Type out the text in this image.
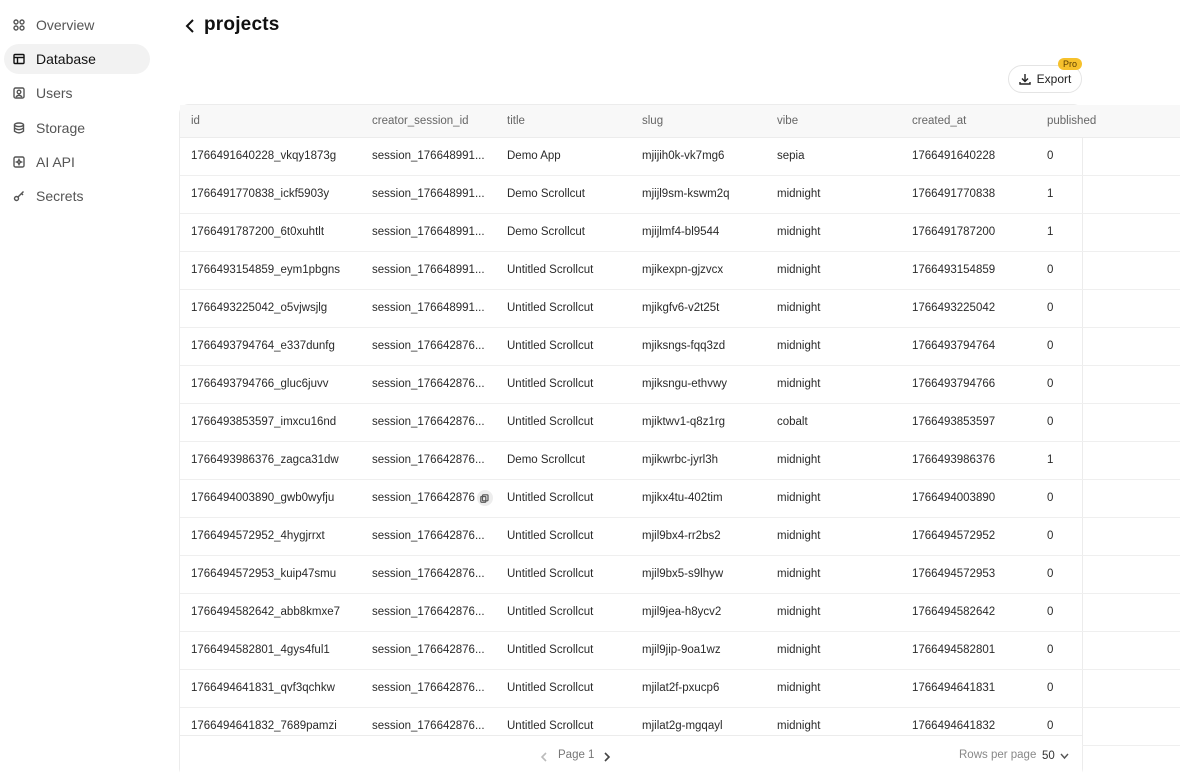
Overview
Database
Users
Storage
AI API
Secrets
projects
Export
Pro
id	creator_session_id	title	slug	vibe	created_at	published
1766491640228_vkqy1873g	session_176648991...	Demo App	mjijih0k-vk7mg6	sepia	1766491640228	0
1766491770838_ickf5903y	session_176648991...	Demo Scrollcut	mjijl9sm-kswm2q	midnight	1766491770838	1
1766491787200_6t0xuhtlt	session_176648991...	Demo Scrollcut	mjijlmf4-bl9544	midnight	1766491787200	1
1766493154859_eym1pbgns	session_176648991...	Untitled Scrollcut	mjikexpn-gjzvcx	midnight	1766493154859	0
1766493225042_o5vjwsjlg	session_176648991...	Untitled Scrollcut	mjikgfv6-v2t25t	midnight	1766493225042	0
1766493794764_e337dunfg	session_176642876...	Untitled Scrollcut	mjiksngs-fqq3zd	midnight	1766493794764	0
1766493794766_gluc6juvv	session_176642876...	Untitled Scrollcut	mjiksngu-ethvwy	midnight	1766493794766	0
1766493853597_imxcu16nd	session_176642876...	Untitled Scrollcut	mjiktwv1-q8z1rg	cobalt	1766493853597	0
1766493986376_zagca31dw	session_176642876...	Demo Scrollcut	mjikwrbc-jyrl3h	midnight	1766493986376	1
1766494003890_gwb0wyfju	session_176642876	Untitled Scrollcut	mjikx4tu-402tim	midnight	1766494003890	0
1766494572952_4hygjrrxt	session_176642876...	Untitled Scrollcut	mjil9bx4-rr2bs2	midnight	1766494572952	0
1766494572953_kuip47smu	session_176642876...	Untitled Scrollcut	mjil9bx5-s9lhyw	midnight	1766494572953	0
1766494582642_abb8kmxe7	session_176642876...	Untitled Scrollcut	mjil9jea-h8ycv2	midnight	1766494582642	0
1766494582801_4gys4ful1	session_176642876...	Untitled Scrollcut	mjil9jip-9oa1wz	midnight	1766494582801	0
1766494641831_qvf3qchkw	session_176642876...	Untitled Scrollcut	mjilat2f-pxucp6	midnight	1766494641831	0
1766494641832_7689pamzi	session_176642876...	Untitled Scrollcut	mjilat2g-mgqayl	midnight	1766494641832	0
Page 1	Rows per page 50
